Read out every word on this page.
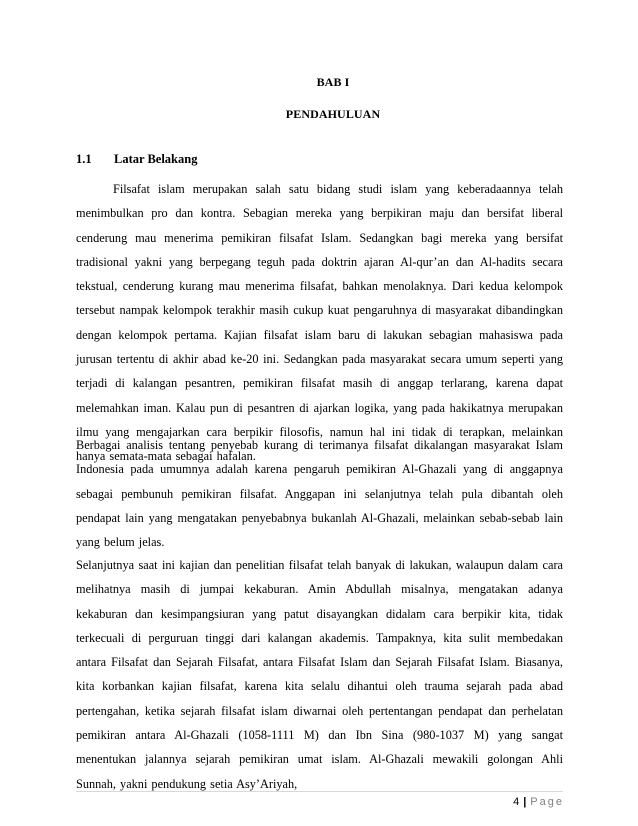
BAB I
PENDAHULUAN
1.1 Latar Belakang

Filsafat islam merupakan salah satu bidang studi islam yang keberadaannya telah menimbulkan pro dan kontra. Sebagian mereka yang berpikiran maju dan bersifat liberal cenderung mau menerima pemikiran filsafat Islam. Sedangkan bagi mereka yang bersifat tradisional yakni yang berpegang teguh pada doktrin ajaran Al-qur’an dan Al-hadits secara tekstual, cenderung kurang mau menerima filsafat, bahkan menolaknya. Dari kedua kelompok tersebut nampak kelompok terakhir masih cukup kuat pengaruhnya di masyarakat dibandingkan dengan kelompok pertama. Kajian filsafat islam baru di lakukan sebagian mahasiswa pada jurusan tertentu di akhir abad ke-20 ini. Sedangkan pada masyarakat secara umum seperti yang terjadi di kalangan pesantren, pemikiran filsafat masih di anggap terlarang, karena dapat melemahkan iman. Kalau pun di pesantren di ajarkan logika, yang pada hakikatnya merupakan ilmu yang mengajarkan cara berpikir filosofis, namun hal ini tidak di terapkan, melainkan hanya semata-mata sebagai hafalan.

Berbagai analisis tentang penyebab kurang di terimanya filsafat dikalangan masyarakat Islam Indonesia pada umumnya adalah karena pengaruh pemikiran Al-Ghazali yang di anggapnya sebagai pembunuh pemikiran filsafat. Anggapan ini selanjutnya telah pula dibantah oleh pendapat lain yang mengatakan penyebabnya bukanlah Al-Ghazali, melainkan sebab-sebab lain yang belum jelas.

Selanjutnya saat ini kajian dan penelitian filsafat telah banyak di lakukan, walaupun dalam cara melihatnya masih di jumpai kekaburan. Amin Abdullah misalnya, mengatakan adanya kekaburan dan kesimpangsiuran yang patut disayangkan didalam cara berpikir kita, tidak terkecuali di perguruan tinggi dari kalangan akademis. Tampaknya, kita sulit membedakan antara Filsafat dan Sejarah Filsafat, antara Filsafat Islam dan Sejarah Filsafat Islam. Biasanya, kita korbankan kajian filsafat, karena kita selalu dihantui oleh trauma sejarah pada abad pertengahan, ketika sejarah filsafat islam diwarnai oleh pertentangan pendapat dan perhelatan pemikiran antara Al-Ghazali (1058-1111 M) dan Ibn Sina (980-1037 M) yang sangat menentukan jalannya sejarah pemikiran umat islam. Al-Ghazali mewakili golongan Ahli Sunnah, yakni pendukung setia Asy’Ariyah,

4 | Page
